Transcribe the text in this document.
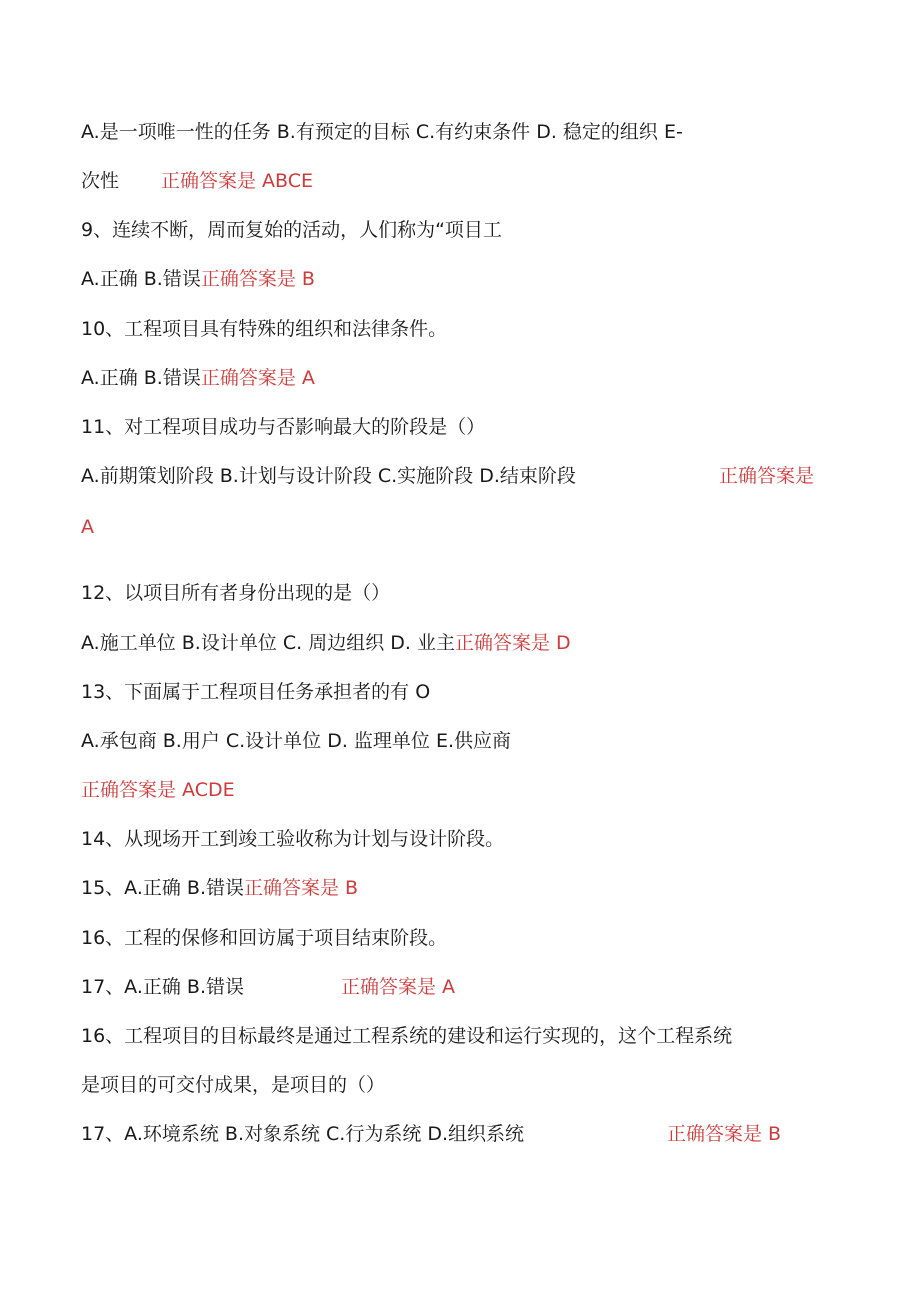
A.是一项唯一性的任务 B.有预定的目标 C.有约束条件 D. 稳定的组织 E-
次性 正确答案是 ABCE
9、连续不断，周而复始的活动，人们称为“项目工
A.正确 B.错误正确答案是 B
10、工程项目具有特殊的组织和法律条件。
A.正确 B.错误正确答案是 A
11、对工程项目成功与否影响最大的阶段是（）
A.前期策划阶段 B.计划与设计阶段 C.实施阶段 D.结束阶段	正确答案是
A
12、以项目所有者身份出现的是（）
A.施工单位 B.设计单位 C. 周边组织 D. 业主正确答案是 D
13、下面属于工程项目任务承担者的有 O
A.承包商 B.用户 C.设计单位 D. 监理单位 E.供应商
正确答案是 ACDE
14、从现场开工到竣工验收称为计划与设计阶段。
15、A.正确 B.错误正确答案是 B
16、工程的保修和回访属于项目结束阶段。
17、A.正确 B.错误	正确答案是 A
16、工程项目的目标最终是通过工程系统的建设和运行实现的，这个工程系统
是项目的可交付成果，是项目的（）
17、A.环境系统 B.对象系统 C.行为系统 D.组织系统	正确答案是 B
